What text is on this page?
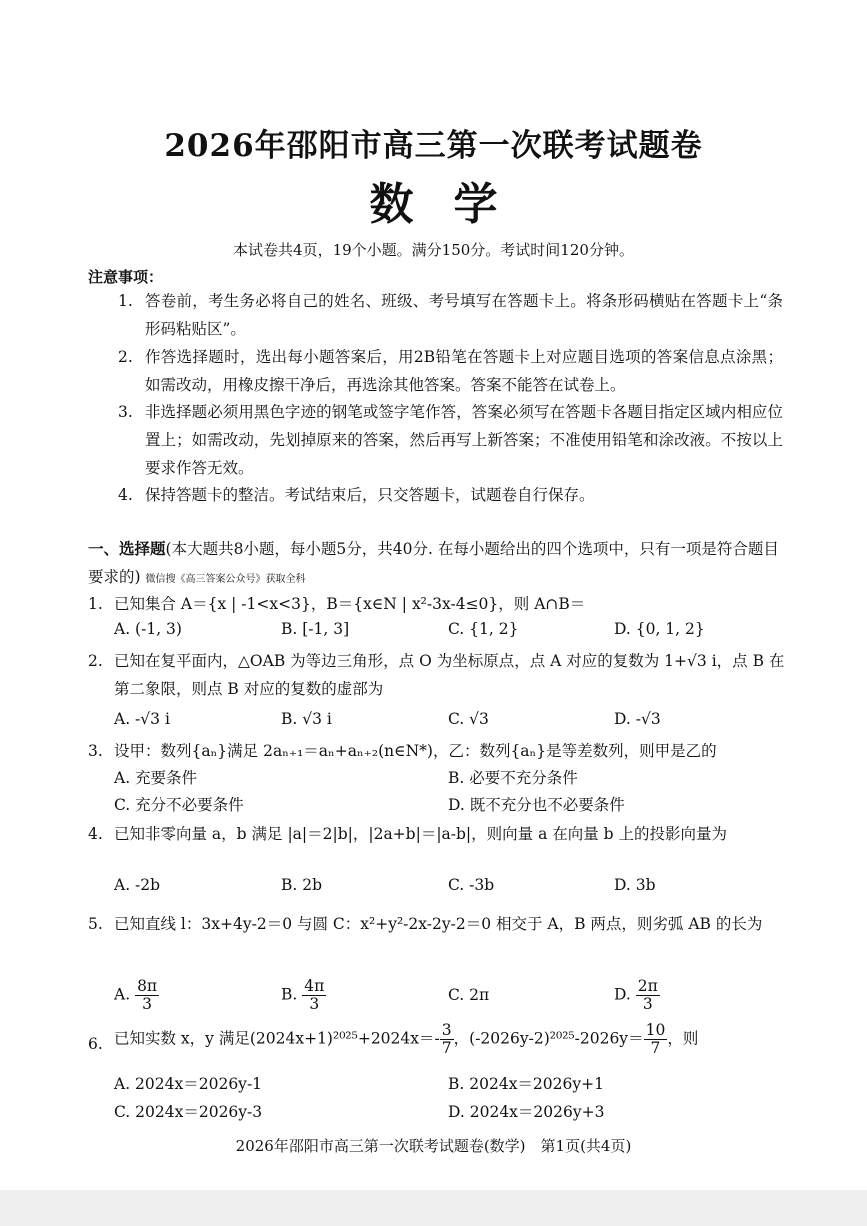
2026年邵阳市高三第一次联考试题卷
数学
本试卷共4页，19个小题。满分150分。考试时间120分钟。
注意事项：
1. 答卷前，考生务必将自己的姓名、班级、考号填写在答题卡上。将条形码横贴在答题卡上“条形码粘贴区”。
2. 作答选择题时，选出每小题答案后，用2B铅笔在答题卡上对应题目选项的答案信息点涂黑；如需改动，用橡皮擦干净后，再选涂其他答案。答案不能答在试卷上。
3. 非选择题必须用黑色字迹的钢笔或签字笔作答，答案必须写在答题卡各题目指定区域内相应位置上；如需改动，先划掉原来的答案，然后再写上新答案；不准使用铅笔和涂改液。不按以上要求作答无效。
4. 保持答题卡的整洁。考试结束后，只交答题卡，试题卷自行保存。
一、选择题(本大题共8小题，每小题5分，共40分. 在每小题给出的四个选项中，只有一项是符合题目要求的) 微信搜《高三答案公众号》获取全科
1. 已知集合 A＝{x | -1<x<3}，B＝{x∈N | x²-3x-4≤0}，则 A∩B＝
A. (-1, 3)	B. [-1, 3]	C. {1, 2}	D. {0, 1, 2}
2. 已知在复平面内，△OAB 为等边三角形，点 O 为坐标原点，点 A 对应的复数为 1+√3 i，点 B 在第二象限，则点 B 对应的复数的虚部为
A. -√3 i	B. √3 i	C. √3	D. -√3
3. 设甲：数列{aₙ}满足 2aₙ₊₁＝aₙ+aₙ₊₂(n∈N*)，乙：数列{aₙ}是等差数列，则甲是乙的
A. 充要条件	B. 必要不充分条件
C. 充分不必要条件	D. 既不充分也不必要条件
4. 已知非零向量 a，b 满足 |a|＝2|b|，|2a+b|＝|a-b|，则向量 a 在向量 b 上的投影向量为
A. -2b	B. 2b	C. -3b	D. 3b
5. 已知直线 l：3x+4y-2＝0 与圆 C：x²+y²-2x-2y-2＝0 相交于 A，B 两点，则劣弧 AB 的长为
A. $\frac{8\pi}{3}$	B. $\frac{4\pi}{3}$	C. 2π	D. $\frac{2\pi}{3}$
6. 已知实数 x，y 满足$(2024x+1)^{2025}+2024x=- \frac{3}{7}$ ，$(-2026y-2)^{2025}-2026y= \frac{10}{7}$ ，则
A. 2024x＝2026y-1	B. 2024x＝2026y+1
C. 2024x＝2026y-3	D. 2024x＝2026y+3
2026年邵阳市高三第一次联考试题卷(数学)　第1页(共4页)
